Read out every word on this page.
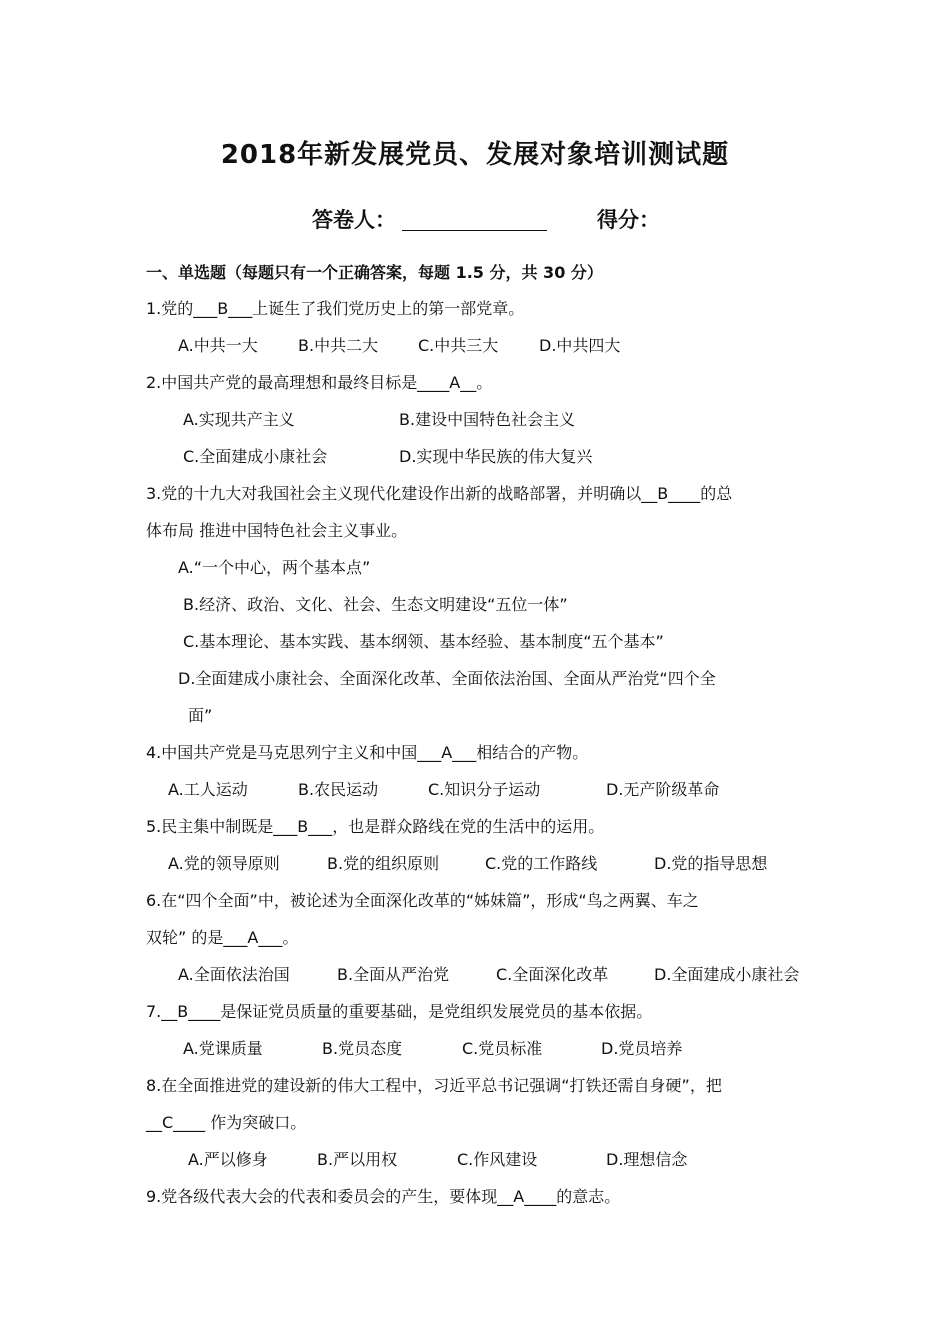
2018年新发展党员、发展对象培训测试题
答卷人：	得分：
一、单选题（每题只有一个正确答案，每题 1.5 分，共 30 分）
1.党的___B___上诞生了我们党历史上的第一部党章。
A.中共一大	B.中共二大 C.中共三大	D.中共四大
2.中国共产党的最高理想和最终目标是____A__。
A.实现共产主义	B.建设中国特色社会主义
C.全面建成小康社会	D.实现中华民族的伟大复兴
3.党的十九大对我国社会主义现代化建设作出新的战略部署，并明确以__B____的总
体布局 推进中国特色社会主义事业。
A.“一个中心，两个基本点”
B.经济、政治、文化、社会、生态文明建设“五位一体”
C.基本理论、基本实践、基本纲领、基本经验、基本制度“五个基本”
D.全面建成小康社会、全面深化改革、全面依法治国、全面从严治党“四个全
面”
4.中国共产党是马克思列宁主义和中国___A___相结合的产物。
A.工人运动	B.农民运动	C.知识分子运动	D.无产阶级革命
5.民主集中制既是___B___，也是群众路线在党的生活中的运用。
A.党的领导原则	B.党的组织原则	C.党的工作路线	D.党的指导思想
6.在“四个全面”中，被论述为全面深化改革的“姊妹篇”，形成“鸟之两翼、车之
双轮” 的是___A___。
A.全面依法治国	B.全面从严治党	C.全面深化改革	D.全面建成小康社会
7.__B____是保证党员质量的重要基础，是党组织发展党员的基本依据。
A.党课质量	B.党员态度	C.党员标准	D.党员培养
8.在全面推进党的建设新的伟大工程中，习近平总书记强调“打铁还需自身硬”，把
__C____ 作为突破口。
A.严以修身	B.严以用权	C.作风建设	D.理想信念
9.党各级代表大会的代表和委员会的产生，要体现__A____的意志。
